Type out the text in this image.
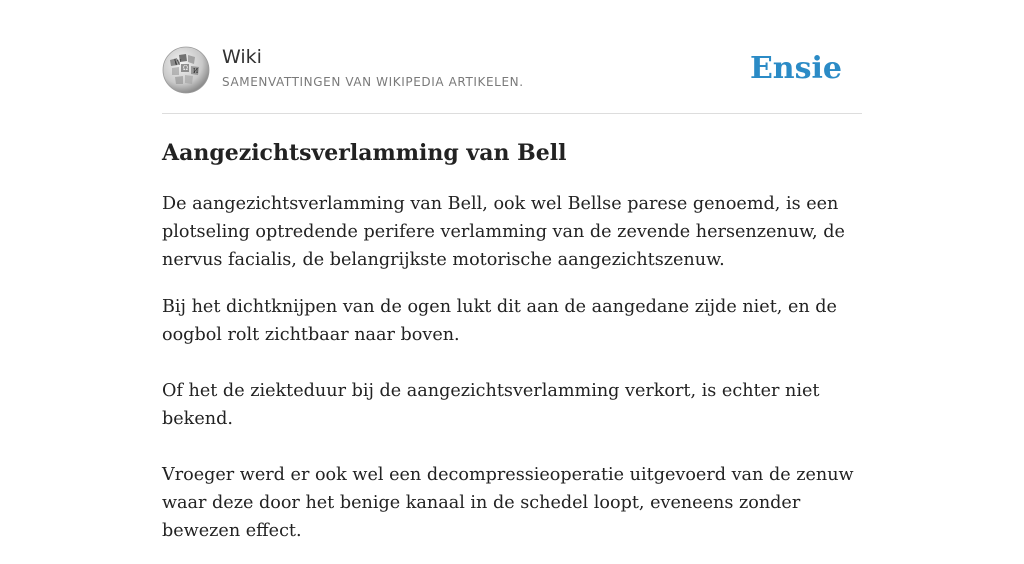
W
Ω И
Wiki
SAMENVATTINGEN VAN WIKIPEDIA ARTIKELEN.	Ensie
Aangezichtsverlamming van Bell

De aangezichtsverlamming van Bell, ook wel Bellse parese genoemd, is een plotseling optredende perifere verlamming van de zevende hersenzenuw, de nervus facialis, de belangrijkste motorische aangezichtszenuw.

Bij het dichtknijpen van de ogen lukt dit aan de aangedane zijde niet, en de oogbol rolt zichtbaar naar boven.

Of het de ziekteduur bij de aangezichtsverlamming verkort, is echter niet bekend.

Vroeger werd er ook wel een decompressieoperatie uitgevoerd van de zenuw waar deze door het benige kanaal in de schedel loopt, eveneens zonder bewezen effect.
